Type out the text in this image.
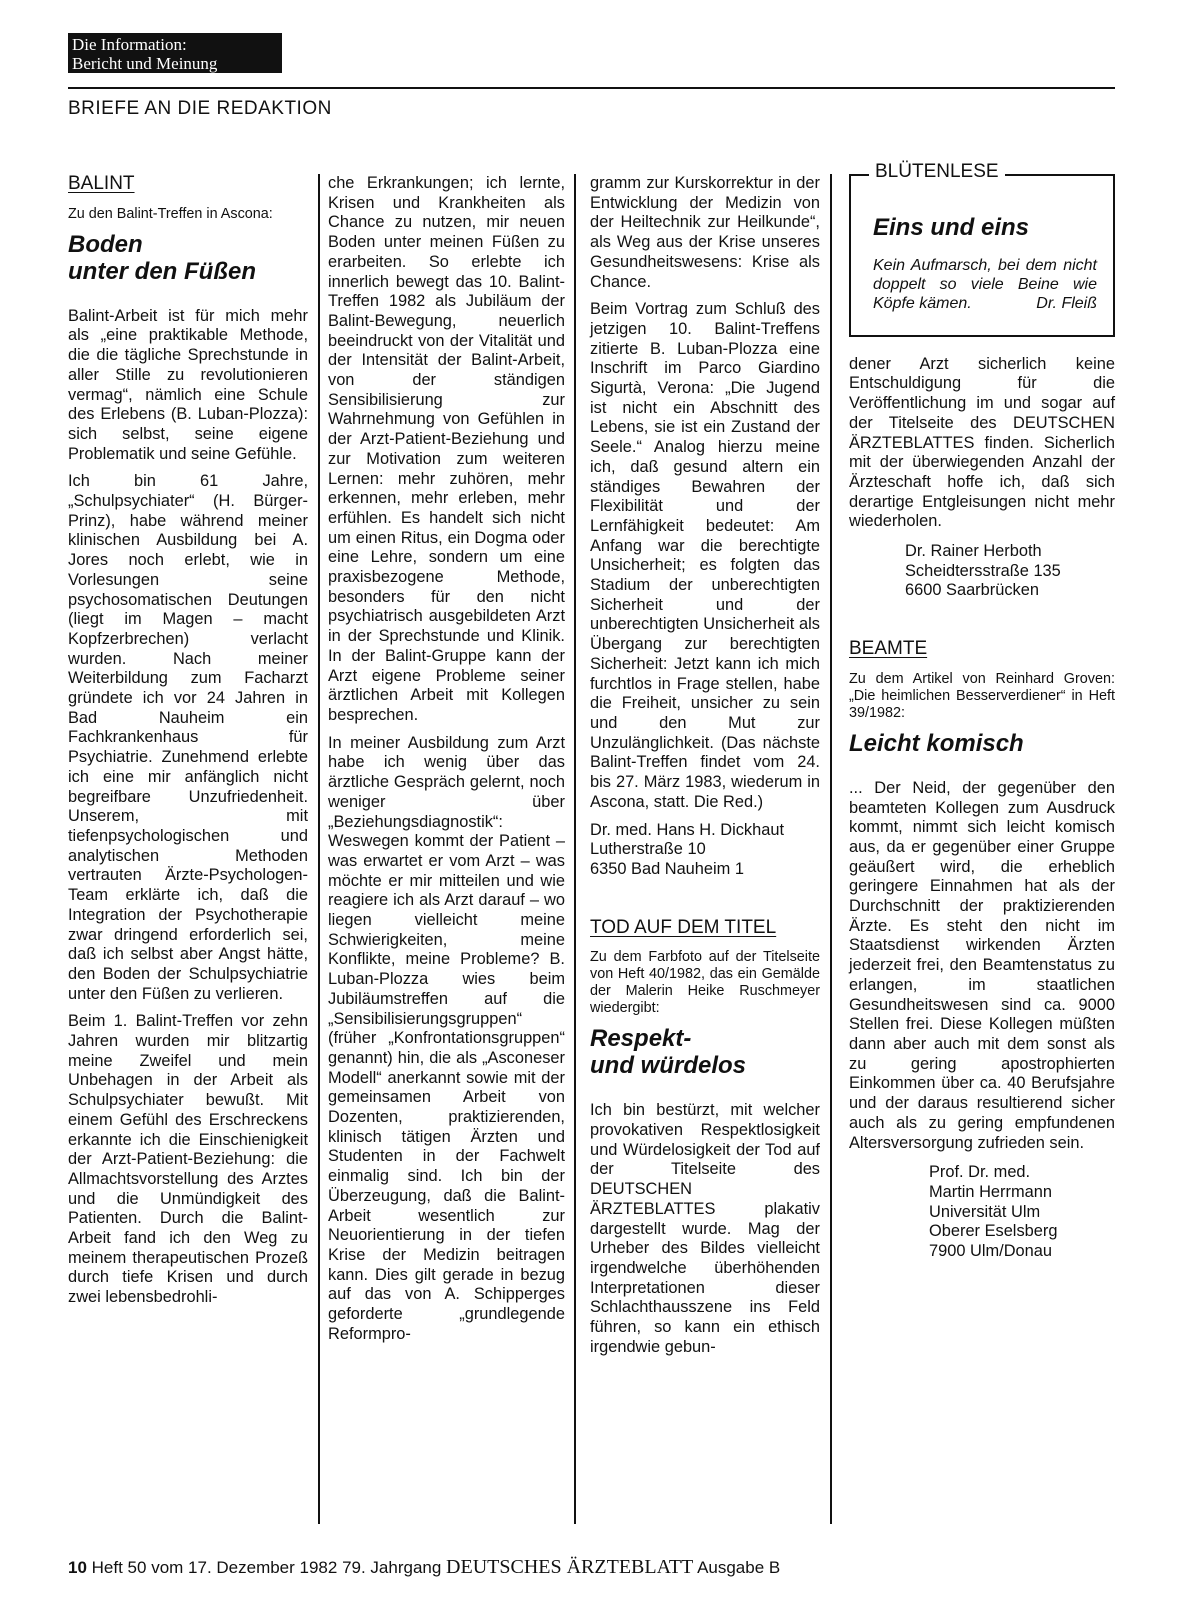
Die Information:
Bericht und Meinung
BRIEFE AN DIE REDAKTION
BALINT

Zu den Balint-Treffen in Ascona:

Boden
unter den Füßen

Balint-Arbeit ist für mich mehr als „eine praktikable Methode, die die tägliche Sprechstunde in aller Stille zu revolutionieren vermag“, nämlich eine Schule des Erlebens (B. Luban-Plozza): sich selbst, seine eigene Problematik und seine Gefühle.

Ich bin 61 Jahre, „Schulpsychiater“ (H. Bürger-Prinz), habe während meiner klinischen Ausbildung bei A. Jores noch erlebt, wie in Vorlesungen seine psychosomatischen Deutungen (liegt im Magen – macht Kopfzerbrechen) verlacht wurden. Nach meiner Weiterbildung zum Facharzt gründete ich vor 24 Jahren in Bad Nauheim ein Fachkrankenhaus für Psychiatrie. Zunehmend erlebte ich eine mir anfänglich nicht begreifbare Unzufriedenheit. Unserem, mit tiefenpsychologischen und analytischen Methoden vertrauten Ärzte-Psychologen-Team erklärte ich, daß die Integration der Psychotherapie zwar dringend erforderlich sei, daß ich selbst aber Angst hätte, den Boden der Schulpsychiatrie unter den Füßen zu verlieren.

Beim 1. Balint-Treffen vor zehn Jahren wurden mir blitzartig meine Zweifel und mein Unbehagen in der Arbeit als Schulpsychiater bewußt. Mit einem Gefühl des Erschreckens erkannte ich die Einschienigkeit der Arzt-Patient-Beziehung: die Allmachtsvorstellung des Arztes und die Unmündigkeit des Patienten. Durch die Balint-Arbeit fand ich den Weg zu meinem therapeutischen Prozeß durch tiefe Krisen und durch zwei lebensbedrohli-

che Erkrankungen; ich lernte, Krisen und Krankheiten als Chance zu nutzen, mir neuen Boden unter meinen Füßen zu erarbeiten. So erlebte ich innerlich bewegt das 10. Balint-Treffen 1982 als Jubiläum der Balint-Bewegung, neuerlich beeindruckt von der Vitalität und der Intensität der Balint-Arbeit, von der ständigen Sensibilisierung zur Wahrnehmung von Gefühlen in der Arzt-Patient-Beziehung und zur Motivation zum weiteren Lernen: mehr zuhören, mehr erkennen, mehr erleben, mehr erfühlen. Es handelt sich nicht um einen Ritus, ein Dogma oder eine Lehre, sondern um eine praxisbezogene Methode, besonders für den nicht psychiatrisch ausgebildeten Arzt in der Sprechstunde und Klinik. In der Balint-Gruppe kann der Arzt eigene Probleme seiner ärztlichen Arbeit mit Kollegen besprechen.

In meiner Ausbildung zum Arzt habe ich wenig über das ärztliche Gespräch gelernt, noch weniger über „Beziehungsdiagnostik“: Weswegen kommt der Patient – was erwartet er vom Arzt – was möchte er mir mitteilen und wie reagiere ich als Arzt darauf – wo liegen vielleicht meine Schwierigkeiten, meine Konflikte, meine Probleme? B. Luban-Plozza wies beim Jubiläumstreffen auf die „Sensibilisierungsgruppen“ (früher „Konfrontationsgruppen“ genannt) hin, die als „Asconeser Modell“ anerkannt sowie mit der gemeinsamen Arbeit von Dozenten, praktizierenden, klinisch tätigen Ärzten und Studenten in der Fachwelt einmalig sind. Ich bin der Überzeugung, daß die Balint-Arbeit wesentlich zur Neuorientierung in der tiefen Krise der Medizin beitragen kann. Dies gilt gerade in bezug auf das von A. Schipperges geforderte „grundlegende Reformpro-

gramm zur Kurskorrektur in der Entwicklung der Medizin von der Heiltechnik zur Heilkunde“, als Weg aus der Krise unseres Gesundheitswesens: Krise als Chance.

Beim Vortrag zum Schluß des jetzigen 10. Balint-Treffens zitierte B. Luban-Plozza eine Inschrift im Parco Giardino Sigurtà, Verona: „Die Jugend ist nicht ein Abschnitt des Lebens, sie ist ein Zustand der Seele.“ Analog hierzu meine ich, daß gesund altern ein ständiges Bewahren der Flexibilität und der Lernfähigkeit bedeutet: Am Anfang war die berechtigte Unsicherheit; es folgten das Stadium der unberechtigten Sicherheit und der unberechtigten Unsicherheit als Übergang zur berechtigten Sicherheit: Jetzt kann ich mich furchtlos in Frage stellen, habe die Freiheit, unsicher zu sein und den Mut zur Unzulänglichkeit. (Das nächste Balint-Treffen findet vom 24. bis 27. März 1983, wiederum in Ascona, statt. Die Red.)

Dr. med. Hans H. Dickhaut
Lutherstraße 10
6350 Bad Nauheim 1
TOD AUF DEM TITEL

Zu dem Farbfoto auf der Titelseite von Heft 40/1982, das ein Gemälde der Malerin Heike Ruschmeyer wiedergibt:

Respekt-
und würdelos

Ich bin bestürzt, mit welcher provokativen Respektlosigkeit und Würdelosigkeit der Tod auf der Titelseite des DEUTSCHEN ÄRZTEBLATTES plakativ dargestellt wurde. Mag der Urheber des Bildes vielleicht irgendwelche überhöhenden Interpretationen dieser Schlachthausszene ins Feld führen, so kann ein ethisch irgendwie gebun-

BLÜTENLESE
Eins und eins

Kein Aufmarsch, bei dem nicht doppelt so viele Beine wie Köpfe kämen.	Dr. Fleiß

dener Arzt sicherlich keine Entschuldigung für die Veröffentlichung im und sogar auf der Titelseite des DEUTSCHEN ÄRZTEBLATTES finden. Sicherlich mit der überwiegenden Anzahl der Ärzteschaft hoffe ich, daß sich derartige Entgleisungen nicht mehr wiederholen.

Dr. Rainer Herboth
Scheidtersstraße 135
6600 Saarbrücken
BEAMTE

Zu dem Artikel von Reinhard Groven: „Die heimlichen Besserverdiener“ in Heft 39/1982:

Leicht komisch

... Der Neid, der gegenüber den beamteten Kollegen zum Ausdruck kommt, nimmt sich leicht komisch aus, da er gegenüber einer Gruppe geäußert wird, die erheblich geringere Einnahmen hat als der Durchschnitt der praktizierenden Ärzte. Es steht den nicht im Staatsdienst wirkenden Ärzten jederzeit frei, den Beamtenstatus zu erlangen, im staatlichen Gesundheitswesen sind ca. 9000 Stellen frei. Diese Kollegen müßten dann aber auch mit dem sonst als zu gering apostrophierten Einkommen über ca. 40 Berufsjahre und der daraus resultierend sicher auch als zu gering empfundenen Altersversorgung zufrieden sein.

Prof. Dr. med.
Martin Herrmann
Universität Ulm
Oberer Eselsberg
7900 Ulm/Donau
10 Heft 50 vom 17. Dezember 1982 79. Jahrgang DEUTSCHES ÄRZTEBLATT Ausgabe B
